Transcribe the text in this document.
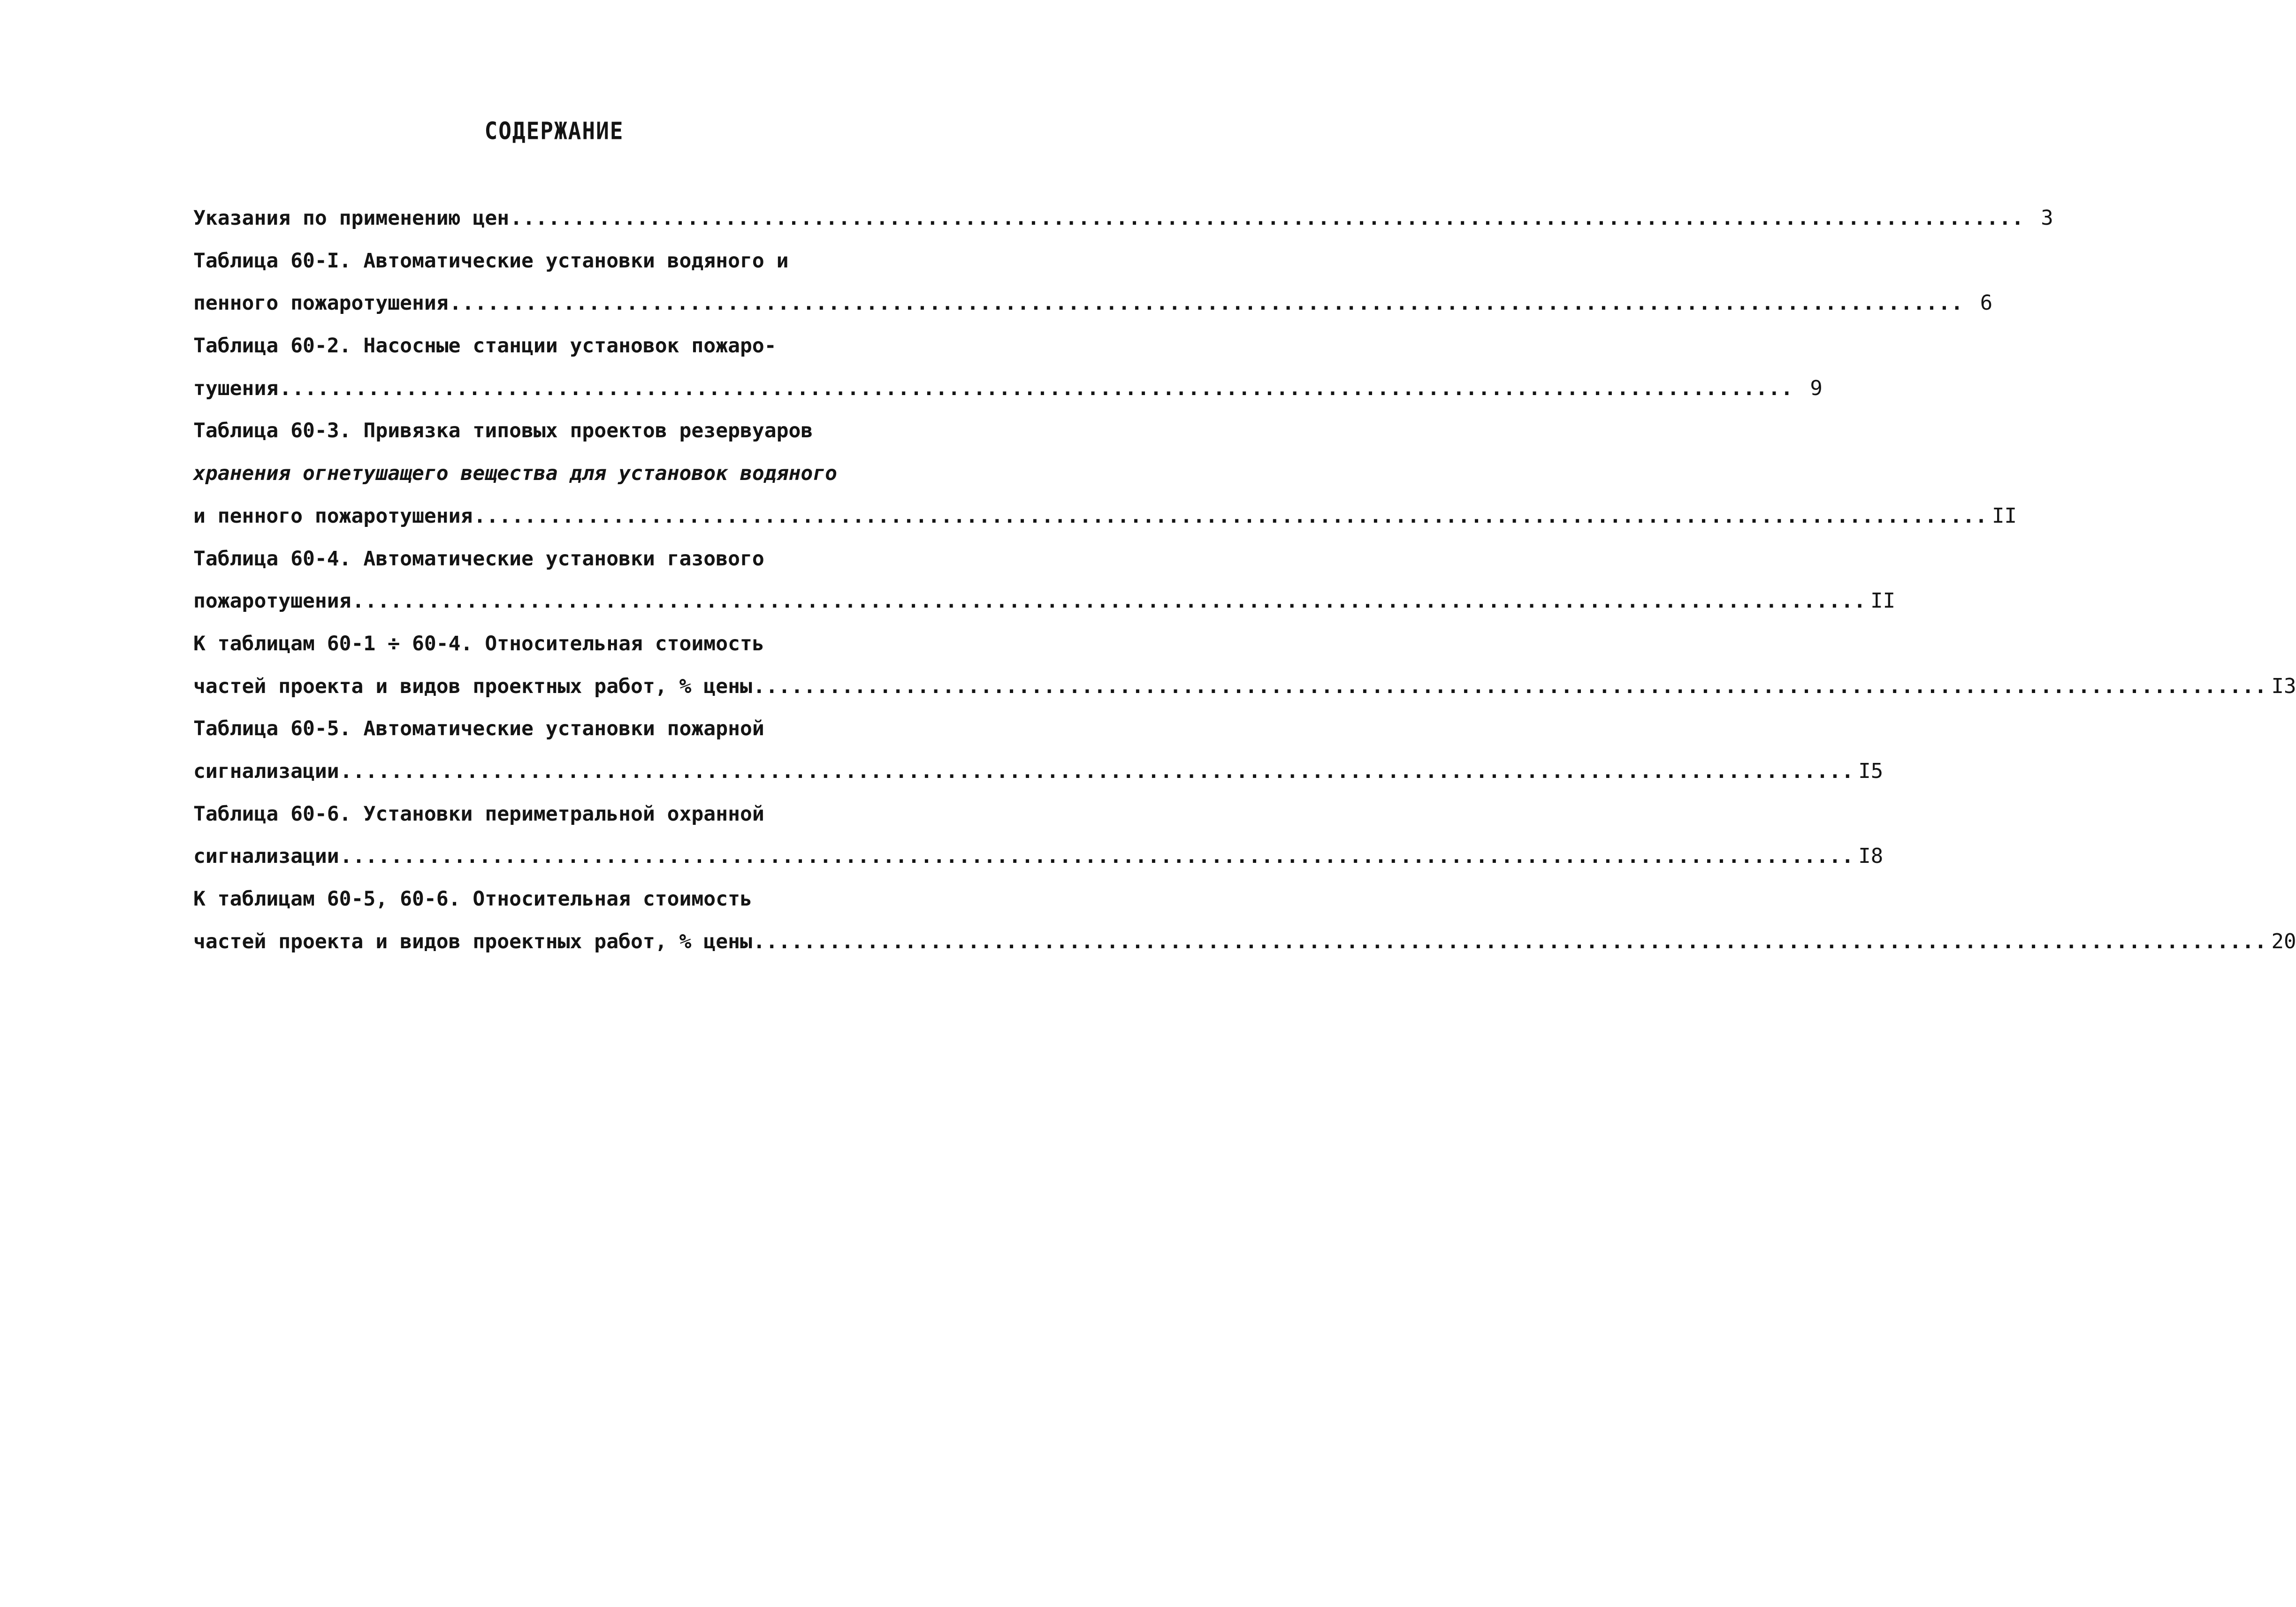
СОДЕРЖАНИЕ
Указания по применению цен ........................................................................................................................ 3
Таблица 60-I. Автоматические установки водяного и
пенного пожаротушения ........................................................................................................................ 6
Таблица 60-2. Насосные станции установок пожаро-
тушения ........................................................................................................................ 9
Таблица 60-3. Привязка типовых проектов резервуаров
хранения огнетушащего вещества для установок водяного
и пенного пожаротушения ........................................................................................................................ II
Таблица 60-4. Автоматические установки газового
пожаротушения ........................................................................................................................ II
К таблицам 60-1 ÷ 60-4. Относительная стоимость
частей проекта и видов проектных работ, % цены ........................................................................................................................ I3
Таблица 60-5. Автоматические установки пожарной
сигнализации ........................................................................................................................ I5
Таблица 60-6. Установки периметральной охранной
сигнализации ........................................................................................................................ I8
К таблицам 60-5, 60-6. Относительная стоимость
частей проекта и видов проектных работ, % цены ........................................................................................................................ 20
